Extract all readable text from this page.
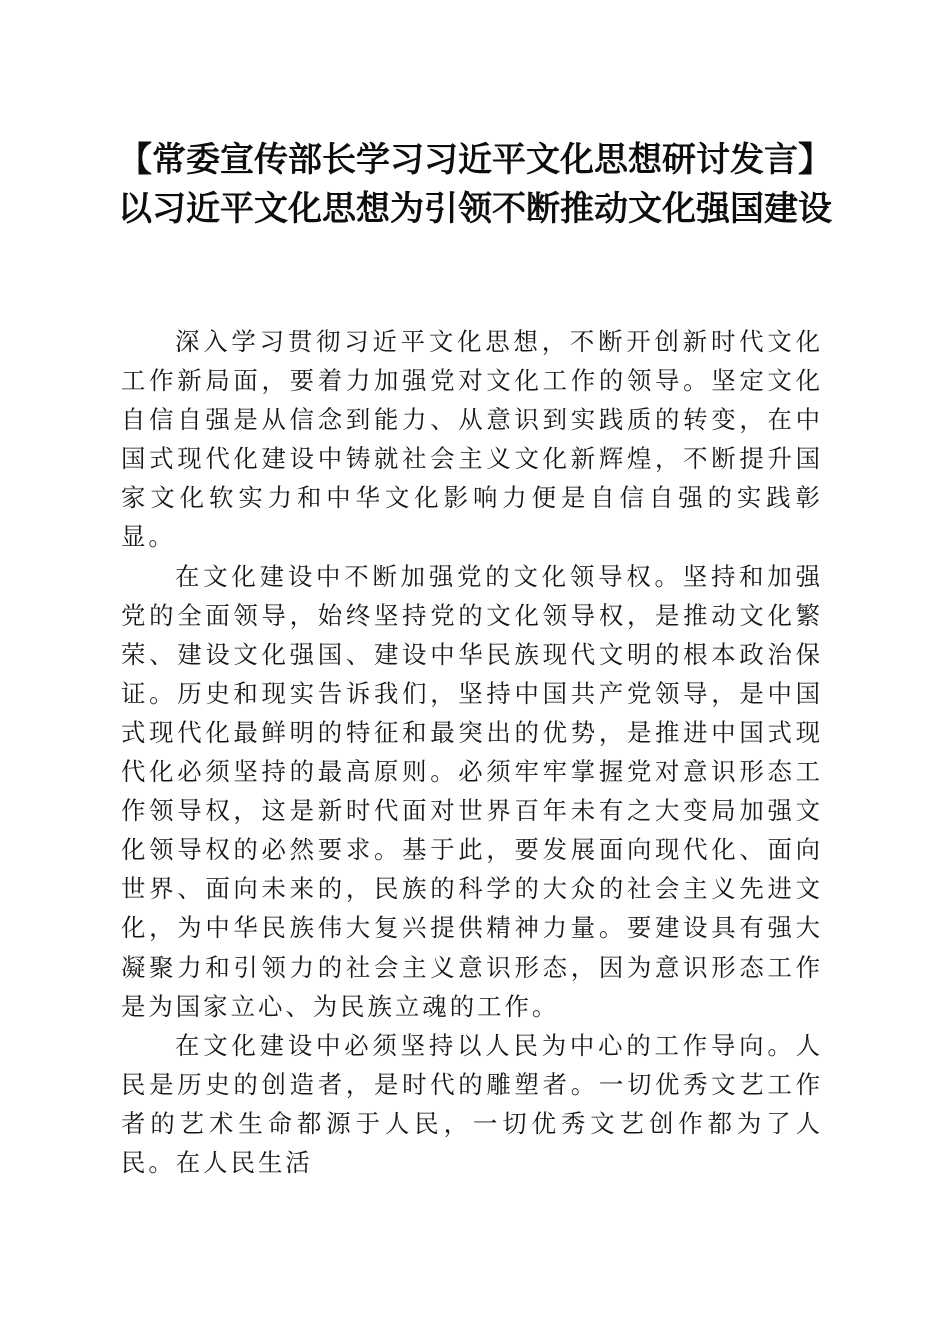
【常委宣传部长学习习近平文化思想研讨发言】以习近平文化思想为引领不断推动文化强国建设

深入学习贯彻习近平文化思想，不断开创新时代文化工作新局面，要着力加强党对文化工作的领导。坚定文化自信自强是从信念到能力、从意识到实践质的转变，在中国式现代化建设中铸就社会主义文化新辉煌，不断提升国家文化软实力和中华文化影响力便是自信自强的实践彰显。

在文化建设中不断加强党的文化领导权。坚持和加强党的全面领导，始终坚持党的文化领导权，是推动文化繁荣、建设文化强国、建设中华民族现代文明的根本政治保证。历史和现实告诉我们，坚持中国共产党领导，是中国式现代化最鲜明的特征和最突出的优势，是推进中国式现代化必须坚持的最高原则。必须牢牢掌握党对意识形态工作领导权，这是新时代面对世界百年未有之大变局加强文化领导权的必然要求。基于此，要发展面向现代化、面向世界、面向未来的，民族的科学的大众的社会主义先进文化，为中华民族伟大复兴提供精神力量。要建设具有强大凝聚力和引领力的社会主义意识形态，因为意识形态工作是为国家立心、为民族立魂的工作。

在文化建设中必须坚持以人民为中心的工作导向。人民是历史的创造者，是时代的雕塑者。一切优秀文艺工作者的艺术生命都源于人民，一切优秀文艺创作都为了人民。在人民生活
